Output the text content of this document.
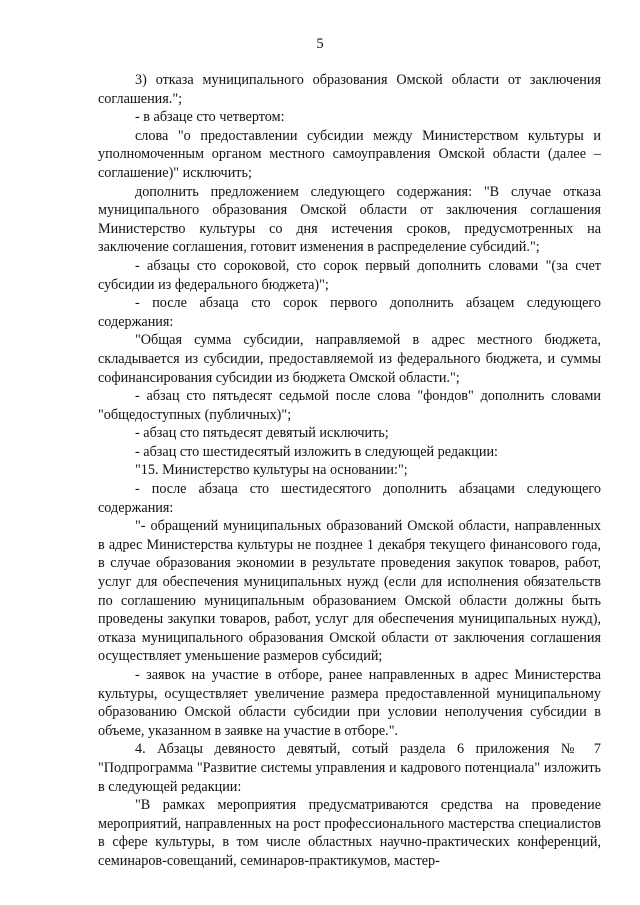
5

3) отказа муниципального образования Омской области от заключения соглашения.";

- в абзаце сто четвертом:

слова "о предоставлении субсидии между Министерством культуры и уполномоченным органом местного самоуправления Омской области (далее – соглашение)" исключить;

дополнить предложением следующего содержания: "В случае отказа муниципального образования Омской области от заключения соглашения Министерство культуры со дня истечения сроков, предусмотренных на заключение соглашения, готовит изменения в распределение субсидий.";

- абзацы сто сороковой, сто сорок первый дополнить словами "(за счет субсидии из федерального бюджета)";

- после абзаца сто сорок первого дополнить абзацем следующего содержания:

"Общая сумма субсидии, направляемой в адрес местного бюджета, складывается из субсидии, предоставляемой из федерального бюджета, и суммы софинансирования субсидии из бюджета Омской области.";

- абзац сто пятьдесят седьмой после слова "фондов" дополнить словами "общедоступных (публичных)";

- абзац сто пятьдесят девятый исключить;

- абзац сто шестидесятый изложить в следующей редакции:

"15. Министерство культуры на основании:";

- после абзаца сто шестидесятого дополнить абзацами следующего содержания:

"- обращений муниципальных образований Омской области, направленных в адрес Министерства культуры не позднее 1 декабря текущего финансового года, в случае образования экономии в результате проведения закупок товаров, работ, услуг для обеспечения муниципальных нужд (если для исполнения обязательств по соглашению муниципальным образованием Омской области должны быть проведены закупки товаров, работ, услуг для обеспечения муниципальных нужд), отказа муниципального образования Омской области от заключения соглашения осуществляет уменьшение размеров субсидий;

- заявок на участие в отборе, ранее направленных в адрес Министерства культуры, осуществляет увеличение размера предоставленной муниципальному образованию Омской области субсидии при условии неполучения субсидии в объеме, указанном в заявке на участие в отборе.".

4. Абзацы девяносто девятый, сотый раздела 6 приложения № 7 "Подпрограмма "Развитие системы управления и кадрового потенциала" изложить в следующей редакции:

"В рамках мероприятия предусматриваются средства на проведение мероприятий, направленных на рост профессионального мастерства специалистов в сфере культуры, в том числе областных научно-практических конференций, семинаров-совещаний, семинаров-практикумов, мастер-
